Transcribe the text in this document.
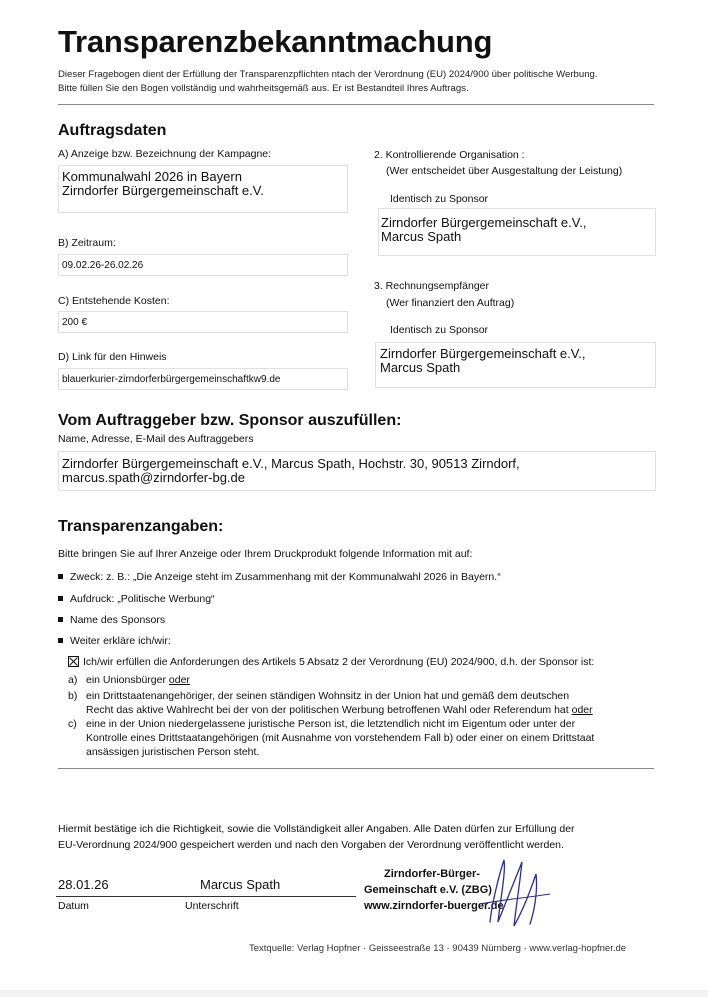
Transparenzbekanntmachung
Dieser Fragebogen dient der Erfüllung der Transparenzpflichten ntach der Verordnung (EU) 2024/900 über politische Werbung.
Bitte füllen Sie den Bogen vollständig und wahrheitsgemäß aus. Er ist Bestandteil Ihres Auftrags.
Auftragsdaten
A) Anzeige bzw. Bezeichnung der Kampagne:
Kommunalwahl 2026 in Bayern
Zirndorfer Bürgergemeinschaft e.V.
B) Zeitraum:
09.02.26-26.02.26
C) Entstehende Kosten:
200 €
D) Link für den Hinweis
blauerkurier-zirndorferbürgergemeinschaftkw9.de
2. Kontrollierende Organisation :
(Wer entscheidet über Ausgestaltung der Leistung)
Identisch zu Sponsor
Zirndorfer Bürgergemeinschaft e.V.,
Marcus Spath
3. Rechnungsempfänger
(Wer finanziert den Auftrag)
Identisch zu Sponsor
Zirndorfer Bürgergemeinschaft e.V.,
Marcus Spath
Vom Auftraggeber bzw. Sponsor auszufüllen:
Name, Adresse, E-Mail des Auftraggebers
Zirndorfer Bürgergemeinschaft e.V., Marcus Spath, Hochstr. 30, 90513 Zirndorf,
marcus.spath@zirndorfer-bg.de
Transparenzangaben:
Bitte bringen Sie auf Ihrer Anzeige oder Ihrem Druckprodukt folgende Information mit auf:
Zweck: z. B.: „Die Anzeige steht im Zusammenhang mit der Kommunalwahl 2026 in Bayern.“
Aufdruck: „Politische Werbung“
Name des Sponsors
Weiter erkläre ich/wir:
Ich/wir erfüllen die Anforderungen des Artikels 5 Absatz 2 der Verordnung (EU) 2024/900, d.h. der Sponsor ist:
a) ein Unionsbürger oder
b) ein Drittstaatenangehöriger, der seinen ständigen Wohnsitz in der Union hat und gemäß dem deutschen
Recht das aktive Wahlrecht bei der von der politischen Werbung betroffenen Wahl oder Referendum hat oder
c) eine in der Union niedergelassene juristische Person ist, die letztendlich nicht im Eigentum oder unter der
Kontrolle eines Drittstaatangehörigen (mit Ausnahme von vorstehendem Fall b) oder einer on einem Drittstaat
ansässigen juristischen Person steht.
Hiermit bestätige ich die Richtigkeit, sowie die Vollständigkeit aller Angaben. Alle Daten dürfen zur Erfüllung der
EU-Verordnung 2024/900 gespeichert werden und nach den Vorgaben der Verordnung veröffentlicht werden.
28.01.26	Marcus Spath
Datum	Unterschrift
Zirndorfer-Bürger-
Gemeinschaft e.V. (ZBG)
www.zirndorfer-buerger.de
Textquelle: Verlag Hopfner · Geisseestraße 13 · 90439 Nürnberg · www.verlag-hopfner.de
